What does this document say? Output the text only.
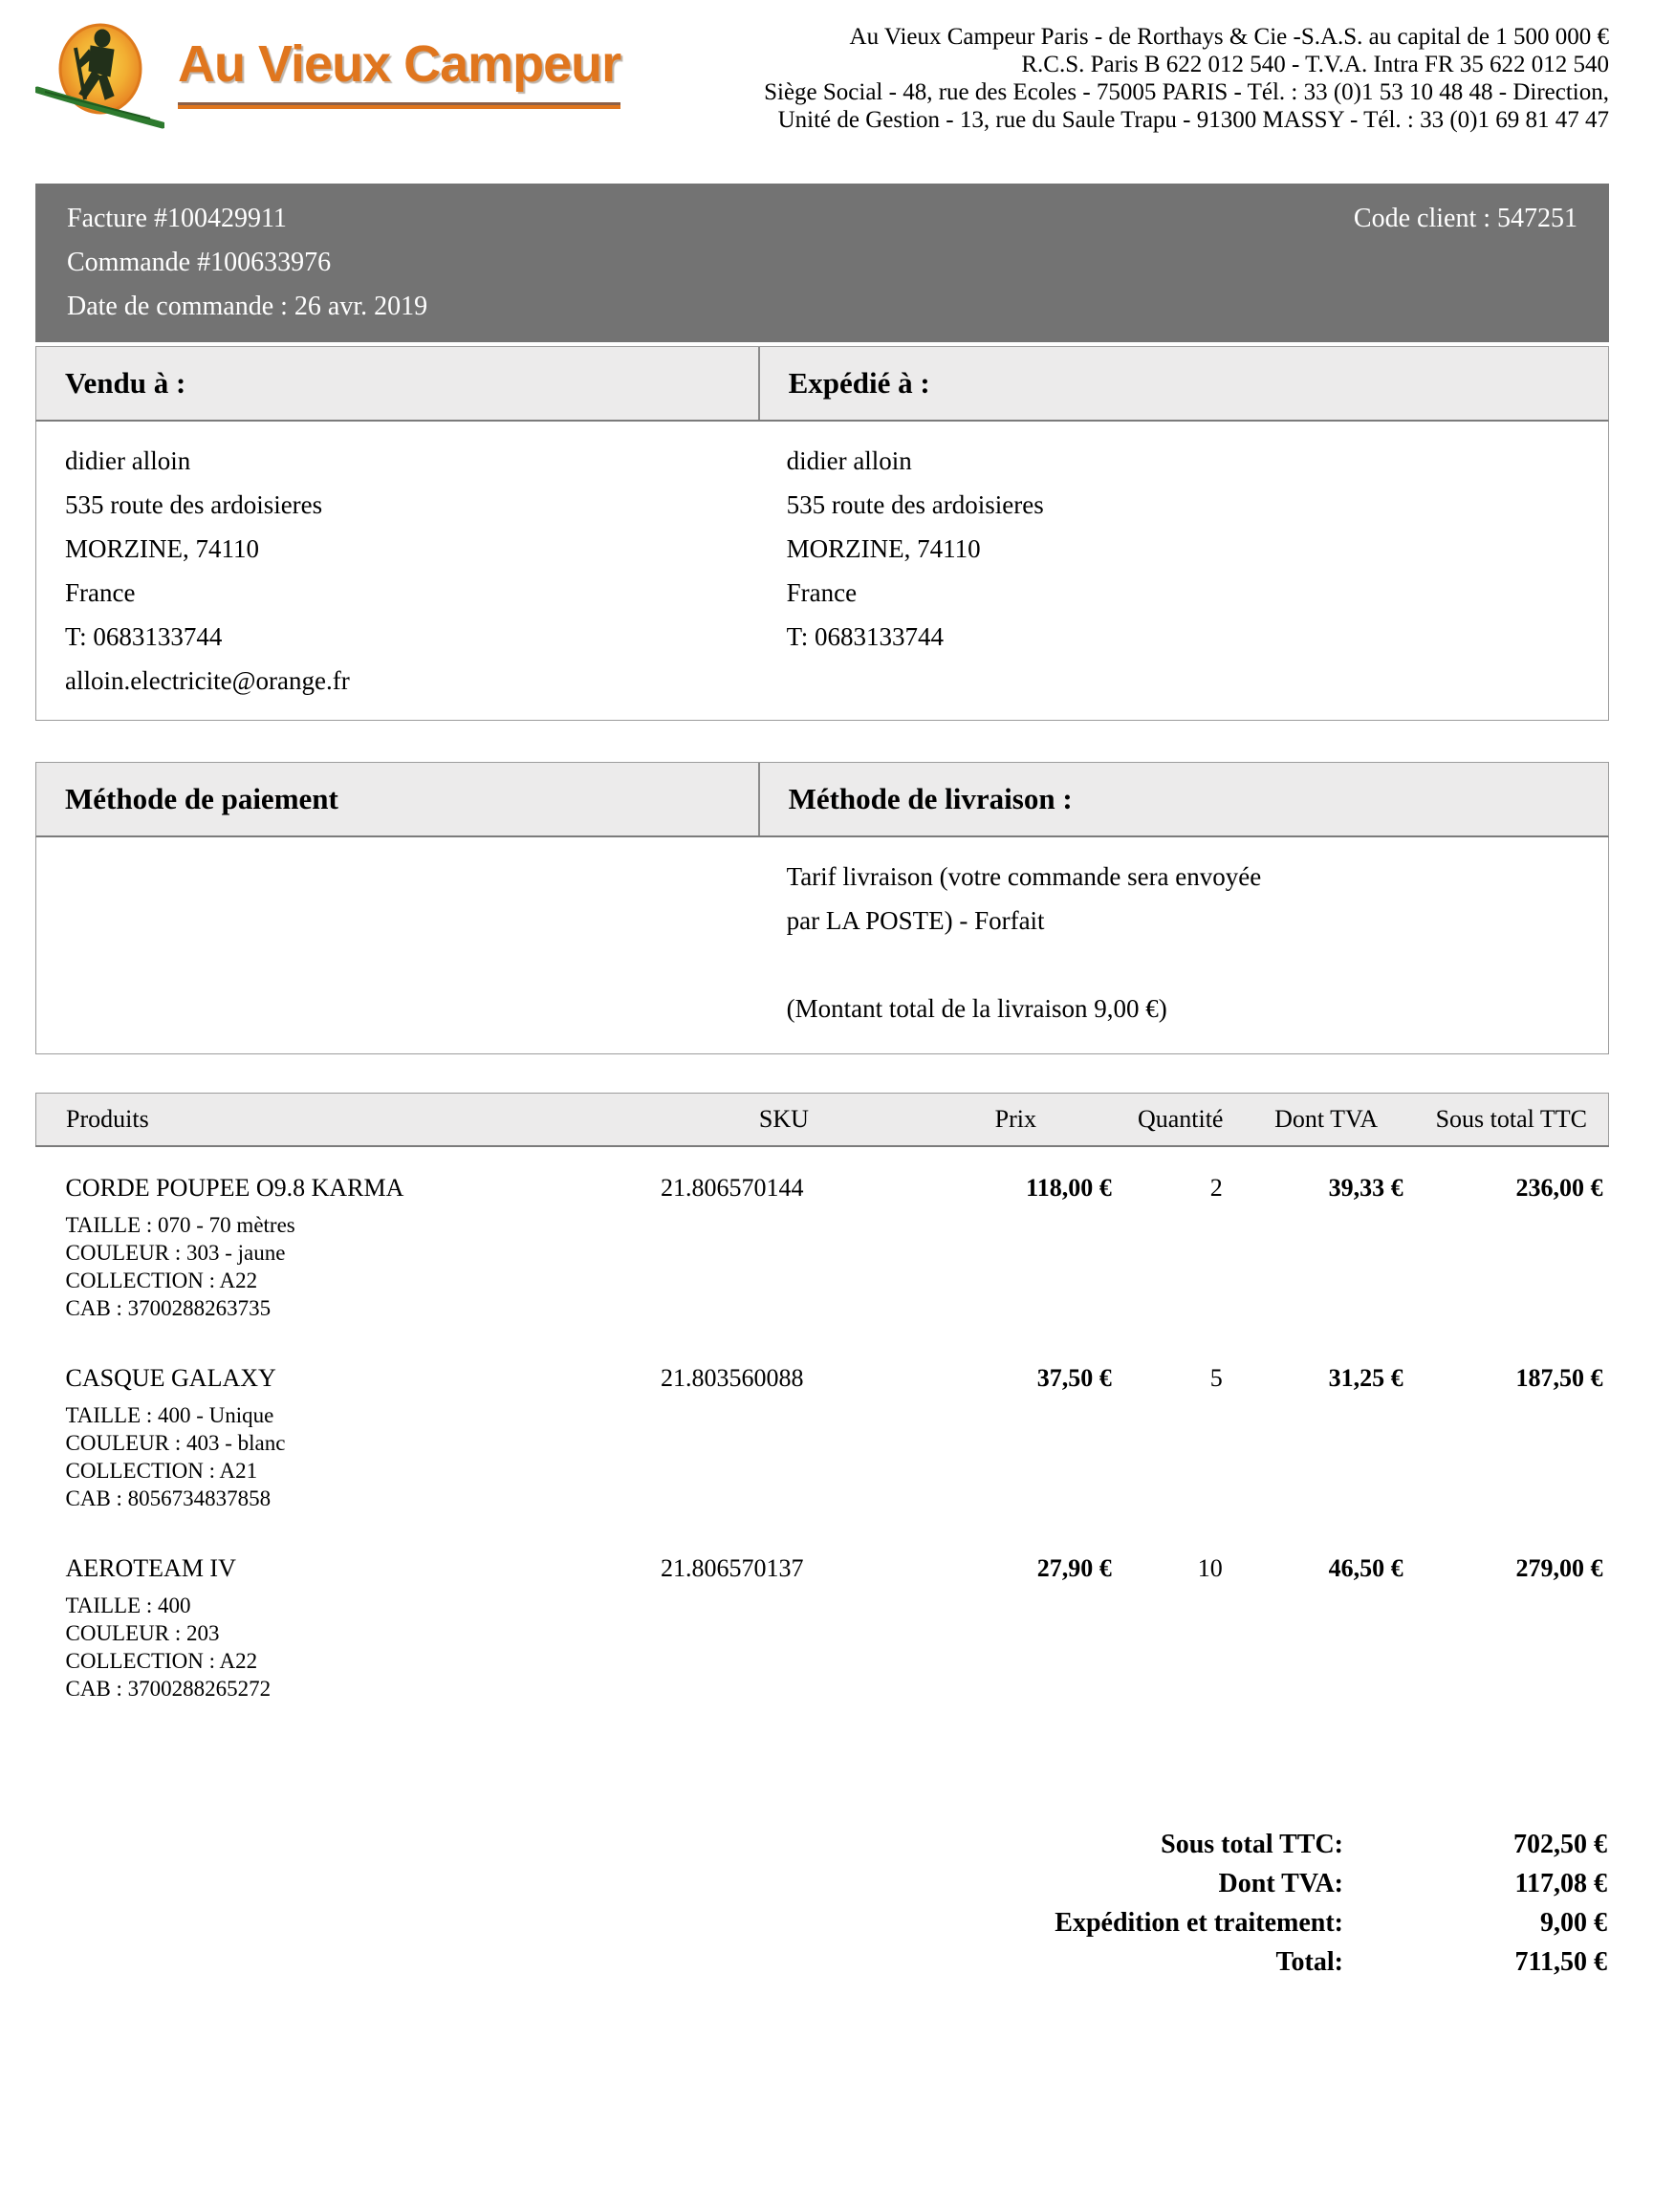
Au Vieux Campeur	Au Vieux Campeur Paris - de Rorthays & Cie -S.A.S. au capital de 1 500 000 €
R.C.S. Paris B 622 012 540 - T.V.A. Intra FR 35 622 012 540
Siège Social - 48, rue des Ecoles - 75005 PARIS - Tél. : 33 (0)1 53 10 48 48 - Direction,
Unité de Gestion - 13, rue du Saule Trapu - 91300 MASSY - Tél. : 33 (0)1 69 81 47 47
Facture #100429911
Commande #100633976
Date de commande : 26 avr. 2019
Code client : 547251
Vendu à :	Expédié à :
didier alloin
535 route des ardoisieres
MORZINE, 74110
France
T: 0683133744
alloin.electricite@orange.fr
didier alloin
535 route des ardoisieres
MORZINE, 74110
France
T: 0683133744
Méthode de paiement	Méthode de livraison :
Tarif livraison (votre commande sera envoyée
par LA POSTE) - Forfait
(Montant total de la livraison 9,00 €)
Produits	SKU	Prix	Quantité	Dont TVA	Sous total TTC

CORDE POUPEE O9.8 KARMA
TAILLE : 070 - 70 mètres
COULEUR : 303 - jaune
COLLECTION : A22
CAB : 3700288263735	21.806570144	118,00 €	2	39,33 €	236,00 €

CASQUE GALAXY
TAILLE : 400 - Unique
COULEUR : 403 - blanc
COLLECTION : A21
CAB : 8056734837858	21.803560088	37,50 €	5	31,25 €	187,50 €

AEROTEAM IV
TAILLE : 400
COULEUR : 203
COLLECTION : A22
CAB : 3700288265272	21.806570137	27,90 €	10	46,50 €	279,00 €
Sous total TTC:	702,50 €
Dont TVA:	117,08 €
Expédition et traitement:	9,00 €
Total:	711,50 €
